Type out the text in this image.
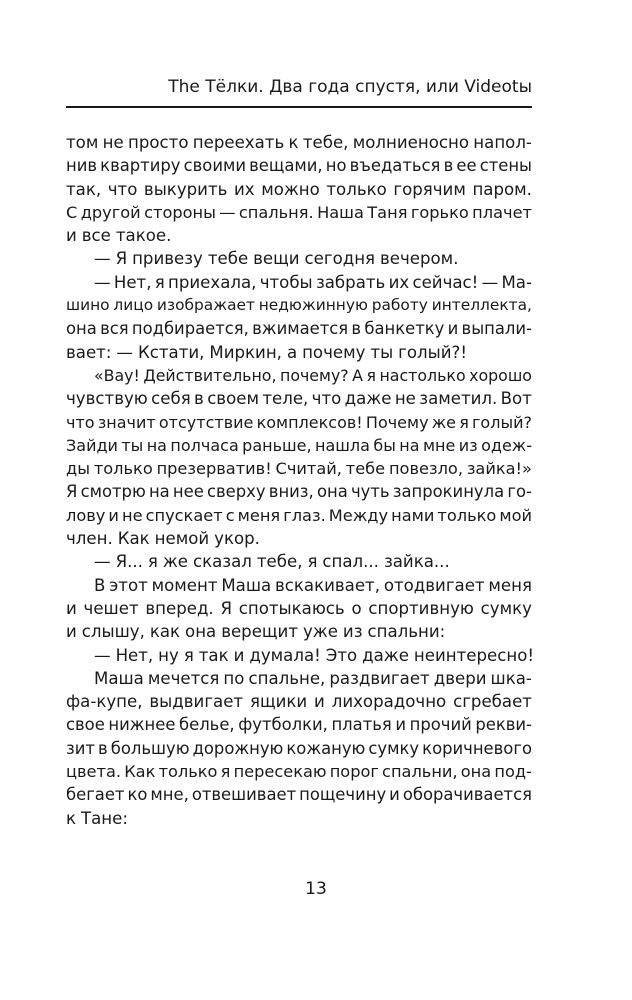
The Тёлки. Два года спустя, или Videotы
том не просто переехать к тебе, молниеносно напол-
нив квартиру своими вещами, но въедаться в ее стены
так, что выкурить их можно только горячим паром.
С другой стороны — спальня. Наша Таня горько плачет
и все такое.
— Я привезу тебе вещи сегодня вечером.
— Нет, я приехала, чтобы забрать их сейчас! — Ма-
шино лицо изображает недюжинную работу интеллекта,
она вся подбирается, вжимается в банкетку и выпали-
вает: — Кстати, Миркин, а почему ты голый?!
«Вау! Действительно, почему? А я настолько хорошо
чувствую себя в своем теле, что даже не заметил. Вот
что значит отсутствие комплексов! Почему же я голый?
Зайди ты на полчаса раньше, нашла бы на мне из одеж-
ды только презерватив! Считай, тебе повезло, зайка!»
Я смотрю на нее сверху вниз, она чуть запрокинула го-
лову и не спускает с меня глаз. Между нами только мой
член. Как немой укор.
— Я... я же сказал тебе, я спал... зайка...
В этот момент Маша вскакивает, отодвигает меня
и чешет вперед. Я спотыкаюсь о спортивную сумку
и слышу, как она верещит уже из спальни:
— Нет, ну я так и думала! Это даже неинтересно!
Маша мечется по спальне, раздвигает двери шка-
фа-купе, выдвигает ящики и лихорадочно сгребает
свое нижнее белье, футболки, платья и прочий рекви-
зит в большую дорожную кожаную сумку коричневого
цвета. Как только я пересекаю порог спальни, она под-
бегает ко мне, отвешивает пощечину и оборачивается
к Тане:
13
